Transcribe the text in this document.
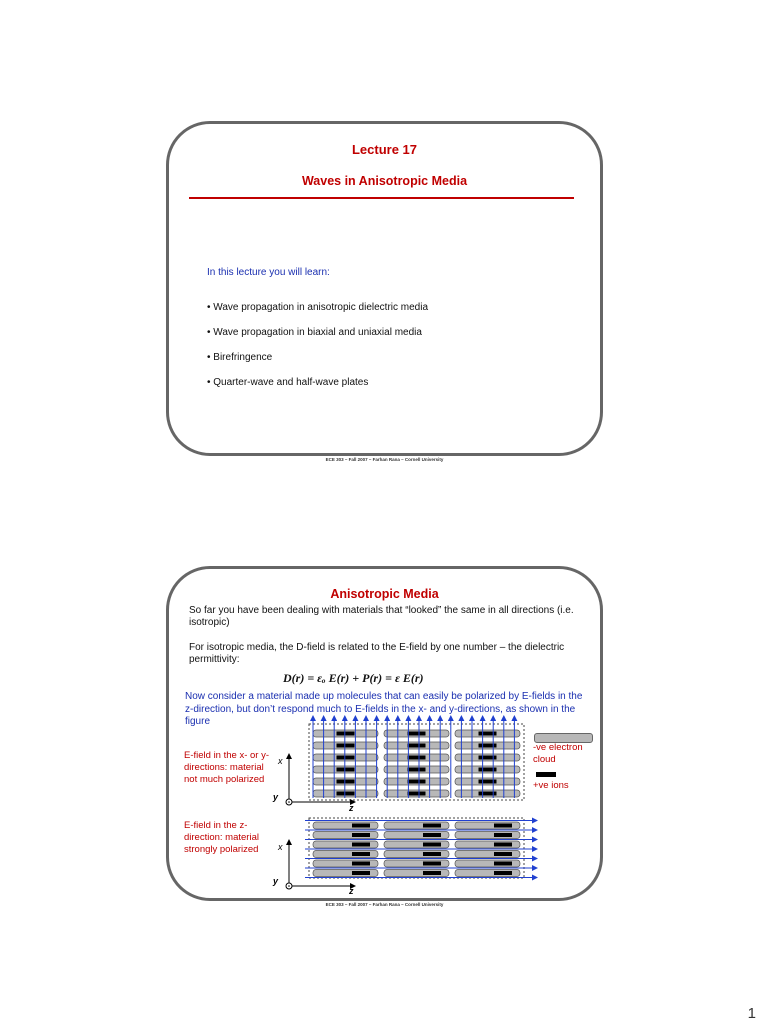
Lecture 17
Waves in Anisotropic Media
In this lecture you will learn:
• Wave propagation in anisotropic dielectric media
• Wave propagation in biaxial and uniaxial media
• Birefringence
• Quarter-wave and half-wave plates
ECE 303 – Fall 2007 – Farhan Rana – Cornell University
Anisotropic Media
So far you have been dealing with materials that “looked” the same in all directions (i.e. isotropic)
For isotropic media, the D-field is related to the E-field by one number – the dielectric permittivity:
D(r) = εₒ E(r) + P(r) = ε E(r)
Now consider a material made up molecules that can easily be polarized by E-fields in the z-direction, but don’t respond much to E-fields in the x- and y-directions, as shown in the figure
E-field in the x- or y-directions: material not much polarized
E-field in the z-direction: material strongly polarized
-ve electron cloud
+ve ions
x
y
z
x
y
z
ECE 303 – Fall 2007 – Farhan Rana – Cornell University
1
